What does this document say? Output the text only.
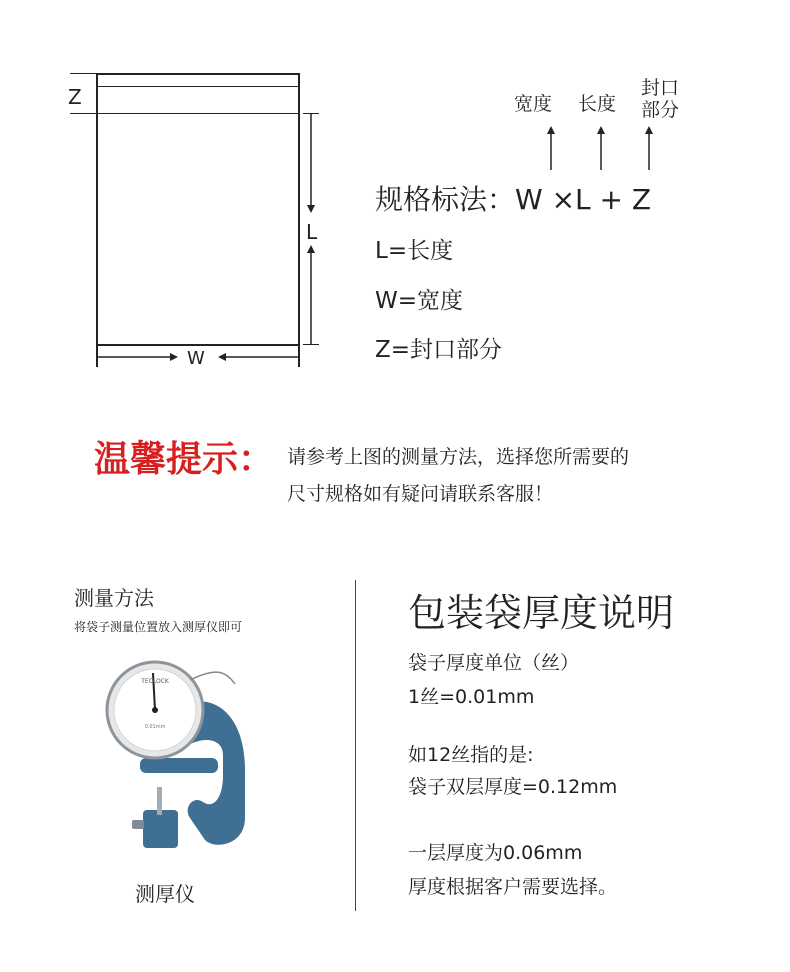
Z
L
W
宽度 长度
封口
部分
规格标法：W ×L + Z
L=长度
W=宽度
Z=封口部分
温馨提示： 请参考上图的测量方法，选择您所需要的
尺寸规格如有疑问请联系客服！
测量方法
将袋子测量位置放入测厚仪即可
TECLOCK
0.01mm
测厚仪
包装袋厚度说明
袋子厚度单位（丝）
1丝=0.01mm
如12丝指的是:
袋子双层厚度=0.12mm
一层厚度为0.06mm
厚度根据客户需要选择。
